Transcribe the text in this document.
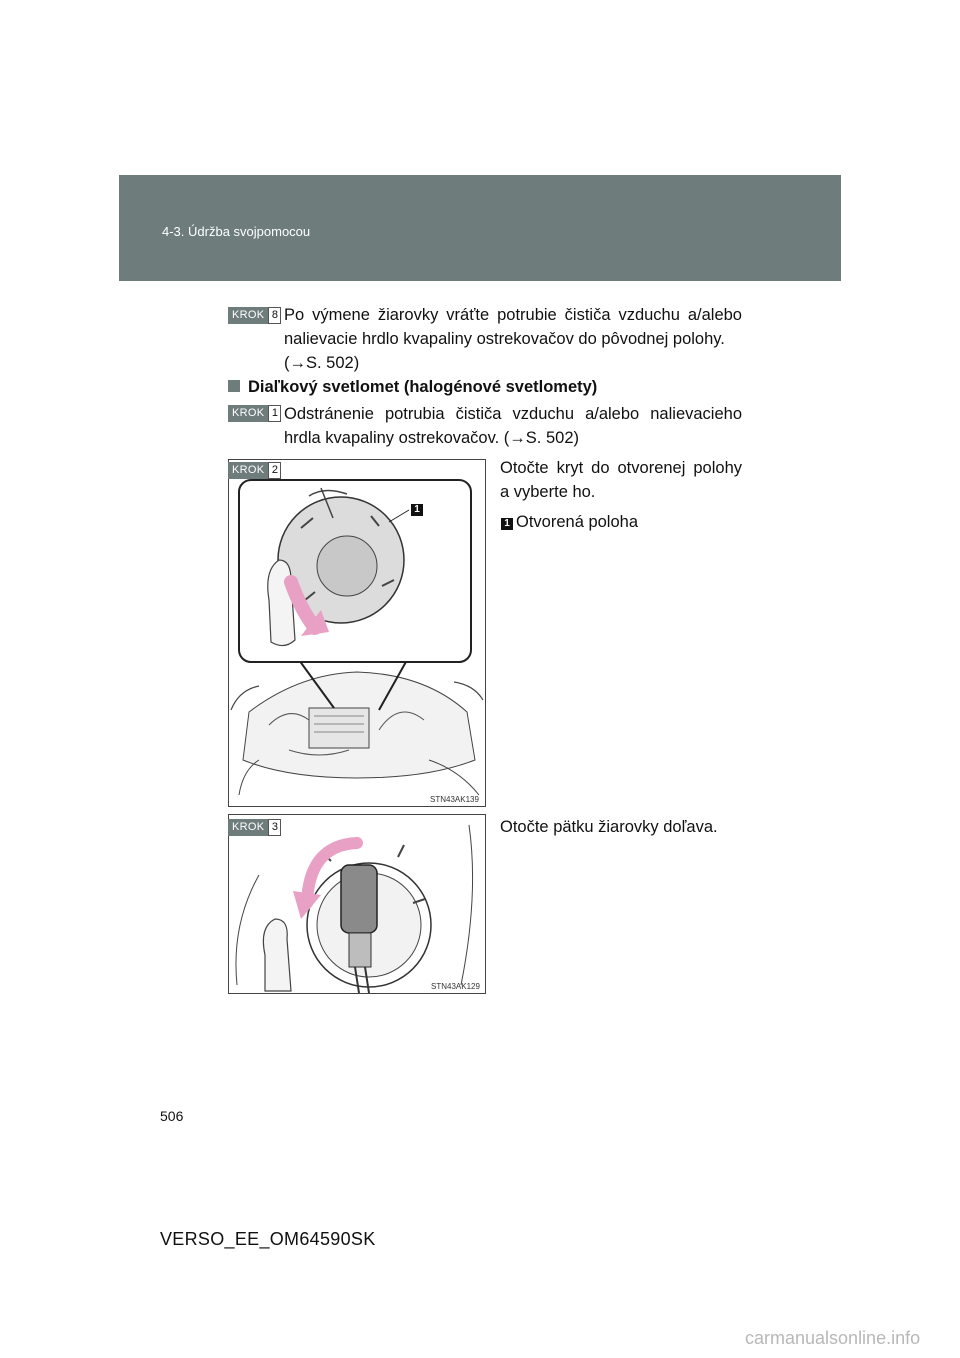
4-3. Údržba svojpomocou
KROK 8 Po výmene žiarovky vráťte potrubie čističa vzduchu a/alebo nalievacie hrdlo kvapaliny ostrekovačov do pôvodnej polohy.
(→S. 502)
Diaľkový svetlomet (halogénové svetlomety)
KROK 1 Odstránenie potrubia čističa vzduchu a/alebo nalievacieho hrdla kvapaliny ostrekovačov. (→S. 502)
1
STN43AK139
KROK 2	Otočte kryt do otvorenej polohy a vyberte ho.
1 Otvorená poloha
STN43AK129
KROK 3	Otočte pätku žiarovky doľava.
506
VERSO_EE_OM64590SK
carmanualsonline.info
